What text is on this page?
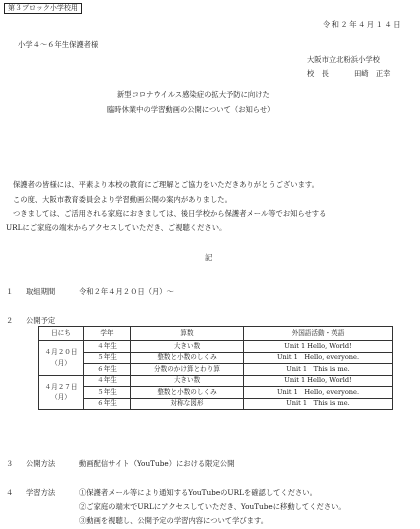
第３ブロック小学校用
令和２年４月１４日
小学４～６年生保護者様
大阪市立北粉浜小学校
校　長	田崎　正幸
新型コロナウイルス感染症の拡大予防に向けた
臨時休業中の学習動画の公開について（お知らせ）
保護者の皆様には、平素より本校の教育にご理解とご協力をいただきありがとうございます。
この度、大阪市教育委員会より学習動画公開の案内がありました。
つきましては、ご活用される家庭におきましては、後日学校から保護者メール等でお知らせする
URLにご家庭の端末からアクセスしていただき、ご視聴ください。
記
１ 取組期間	令和２年４月２０日（月）～
２ 公開予定
日にち	学年	算数	外国語活動・英語
４月２０日
（月）	４年生	大きい数	Unit 1 Hello, World!
	５年生	整数と小数のしくみ	Unit 1　Hello, everyone.
	６年生	分数のかけ算とわり算	Unit 1　This is me.
４月２７日
（月）	４年生	大きい数	Unit 1 Hello, World!
	５年生	整数と小数のしくみ	Unit 1　Hello, everyone.
	６年生	対称な図形	Unit 1　This is me.
３ 公開方法	動画配信サイト（YouTube）における限定公開
４ 学習方法	①保護者メール等により通知するYouTubeのURLを確認してください。
②ご家庭の端末でURLにアクセスしていただき、YouTubeに移動してください。
③動画を視聴し、公開予定の学習内容について学びます。
